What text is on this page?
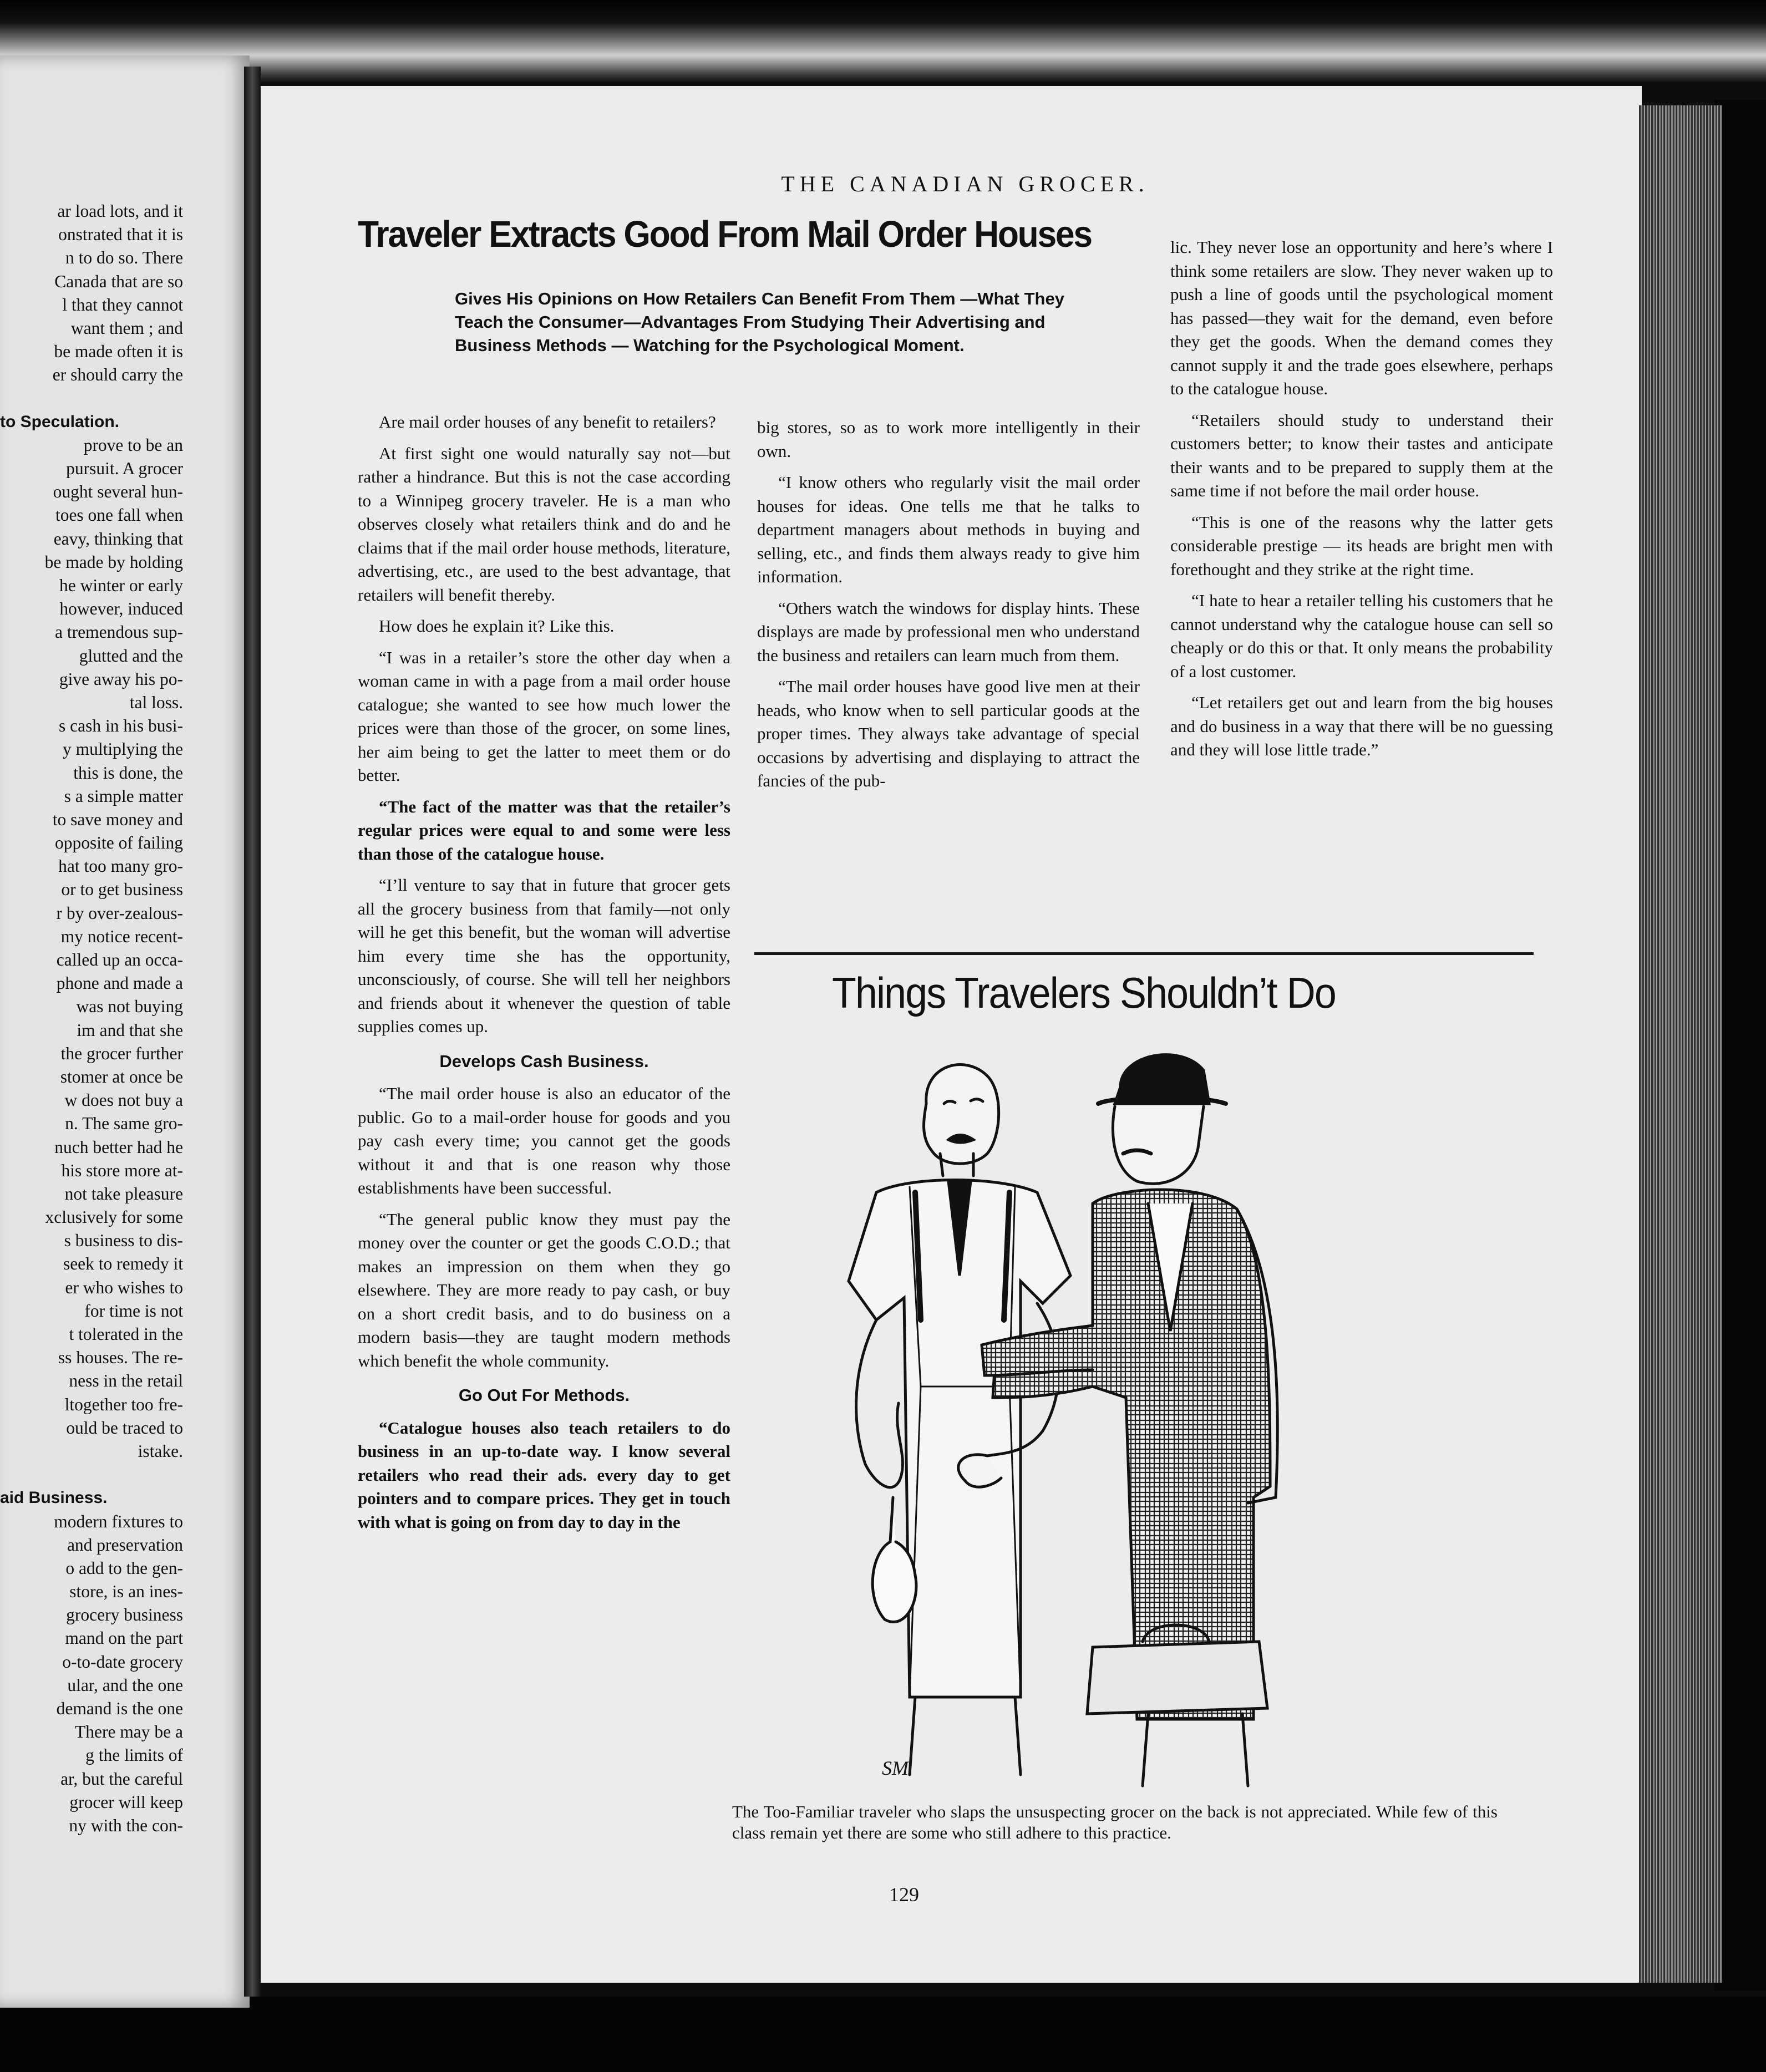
ar load lots, and it
onstrated that it is
n to do so. There
Canada that are so
l that they cannot
want them ; and
be made often it is
er should carry the
to Speculation.
prove to be an
pursuit. A grocer
ought several hun-
toes one fall when
eavy, thinking that
be made by holding
he winter or early
however, induced
a tremendous sup-
glutted and the
give away his po-
tal loss.
s cash in his busi-
y multiplying the
this is done, the
s a simple matter
to save money and
opposite of failing
hat too many gro-
or to get business
r by over-zealous-
my notice recent-
called up an occa-
phone and made a
was not buying
im and that she
the grocer further
stomer at once be
w does not buy a
n. The same gro-
nuch better had he
his store more at-
not take pleasure
xclusively for some
s business to dis-
seek to remedy it
er who wishes to
for time is not
t tolerated in the
ss houses. The re-
ness in the retail
ltogether too fre-
ould be traced to
istake.
aid Business.
modern fixtures to
and preservation
o add to the gen-
store, is an ines-
grocery business
mand on the part
o-to-date grocery
ular, and the one
demand is the one
There may be a
g the limits of
ar, but the careful
grocer will keep
ny with the con-
THE CANADIAN GROCER.
Traveler Extracts Good From Mail Order Houses
Gives His Opinions on How Retailers Can Benefit From Them —What They Teach the Consumer—Advantages From Studying Their Advertising and Business Methods — Watching for the Psychological Moment.

Are mail order houses of any benefit to retailers?

At first sight one would naturally say not—but rather a hindrance. But this is not the case according to a Winnipeg grocery traveler. He is a man who observes closely what retailers think and do and he claims that if the mail order house methods, literature, advertising, etc., are used to the best advantage, that retailers will benefit thereby.

How does he explain it? Like this.

“I was in a retailer’s store the other day when a woman came in with a page from a mail order house catalogue; she wanted to see how much lower the prices were than those of the grocer, on some lines, her aim being to get the latter to meet them or do better.

“The fact of the matter was that the retailer’s regular prices were equal to and some were less than those of the catalogue house.

“I’ll venture to say that in future that grocer gets all the grocery business from that family—not only will he get this benefit, but the woman will advertise him every time she has the opportunity, unconsciously, of course. She will tell her neighbors and friends about it whenever the question of table supplies comes up.

Develops Cash Business.

“The mail order house is also an educator of the public. Go to a mail-order house for goods and you pay cash every time; you cannot get the goods without it and that is one reason why those establishments have been successful.

“The general public know they must pay the money over the counter or get the goods C.O.D.; that makes an impression on them when they go elsewhere. They are more ready to pay cash, or buy on a short credit basis, and to do business on a modern basis—they are taught modern methods which benefit the whole community.

Go Out For Methods.

“Catalogue houses also teach retailers to do business in an up-to-date way. I know several retailers who read their ads. every day to get pointers and to compare prices. They get in touch with what is going on from day to day in the

big stores, so as to work more intelligently in their own.

“I know others who regularly visit the mail order houses for ideas. One tells me that he talks to department managers about methods in buying and selling, etc., and finds them always ready to give him information.

“Others watch the windows for display hints. These displays are made by professional men who understand the business and retailers can learn much from them.

“The mail order houses have good live men at their heads, who know when to sell particular goods at the proper times. They always take advantage of special occasions by advertising and displaying to attract the fancies of the pub-

lic. They never lose an opportunity and here’s where I think some retailers are slow. They never waken up to push a line of goods until the psychological moment has passed—they wait for the demand, even before they get the goods. When the demand comes they cannot supply it and the trade goes elsewhere, perhaps to the catalogue house.

“Retailers should study to understand their customers better; to know their tastes and anticipate their wants and to be prepared to supply them at the same time if not before the mail order house.

“This is one of the reasons why the latter gets considerable prestige — its heads are bright men with forethought and they strike at the right time.

“I hate to hear a retailer telling his customers that he cannot understand why the catalogue house can sell so cheaply or do this or that. It only means the probability of a lost customer.

“Let retailers get out and learn from the big houses and do business in a way that there will be no guessing and they will lose little trade.”

Things Travelers Shouldn’t Do
SM
The Too-Familiar traveler who slaps the unsuspecting grocer on the back is not appreciated. While few of this class remain yet there are some who still adhere to this practice.
129
